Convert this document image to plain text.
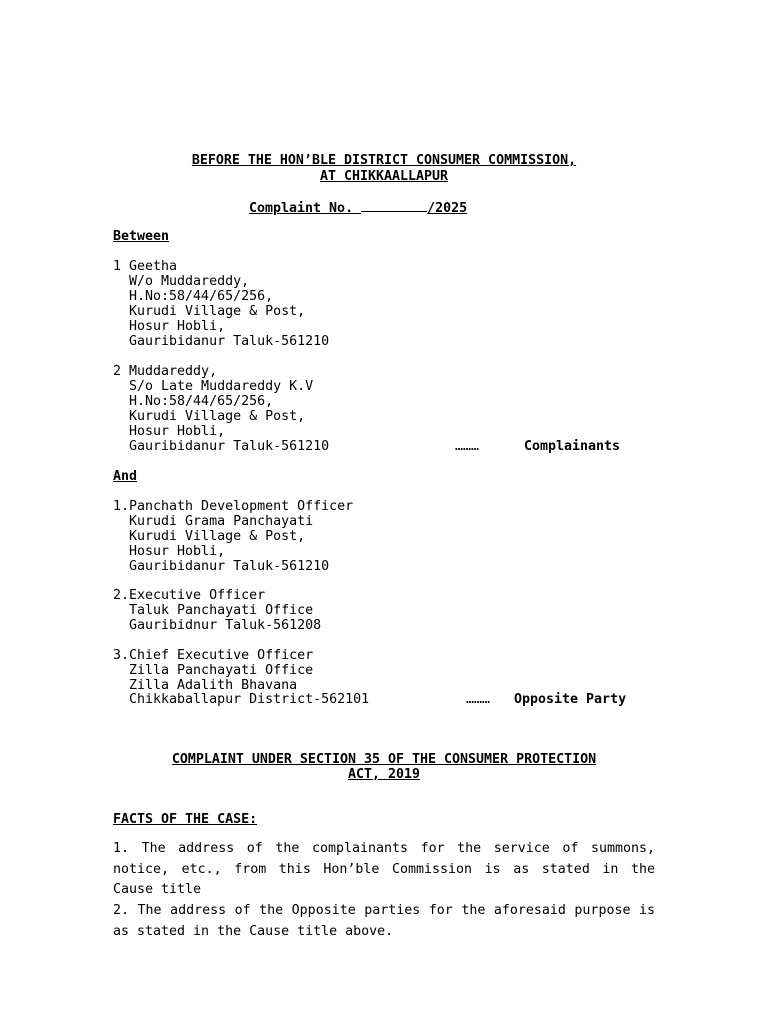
BEFORE THE HON’BLE DISTRICT CONSUMER COMMISSION,
AT CHIKKAALLAPUR
Complaint No.	/2025
Between
1 Geetha
W/o Muddareddy,
H.No:58/44/65/256,
Kurudi Village & Post,
Hosur Hobli,
Gauribidanur Taluk-561210
2 Muddareddy,
S/o Late Muddareddy K.V
H.No:58/44/65/256,
Kurudi Village & Post,
Hosur Hobli,
Gauribidanur Taluk-561210	………	Complainants
And
1.Panchath Development Officer
Kurudi Grama Panchayati
Kurudi Village & Post,
Hosur Hobli,
Gauribidanur Taluk-561210
2.Executive Officer
Taluk Panchayati Office
Gauribidnur Taluk-561208
3.Chief Executive Officer
Zilla Panchayati Office
Zilla Adalith Bhavana
Chikkaballapur District-562101	……… Opposite Party
COMPLAINT UNDER SECTION 35 OF THE CONSUMER PROTECTION
ACT, 2019
FACTS OF THE CASE:
1. The address of the complainants for the service of summons, notice, etc., from this Hon’ble Commission is as stated in the Cause title
2. The address of the Opposite parties for the aforesaid purpose is as stated in the Cause title above.
